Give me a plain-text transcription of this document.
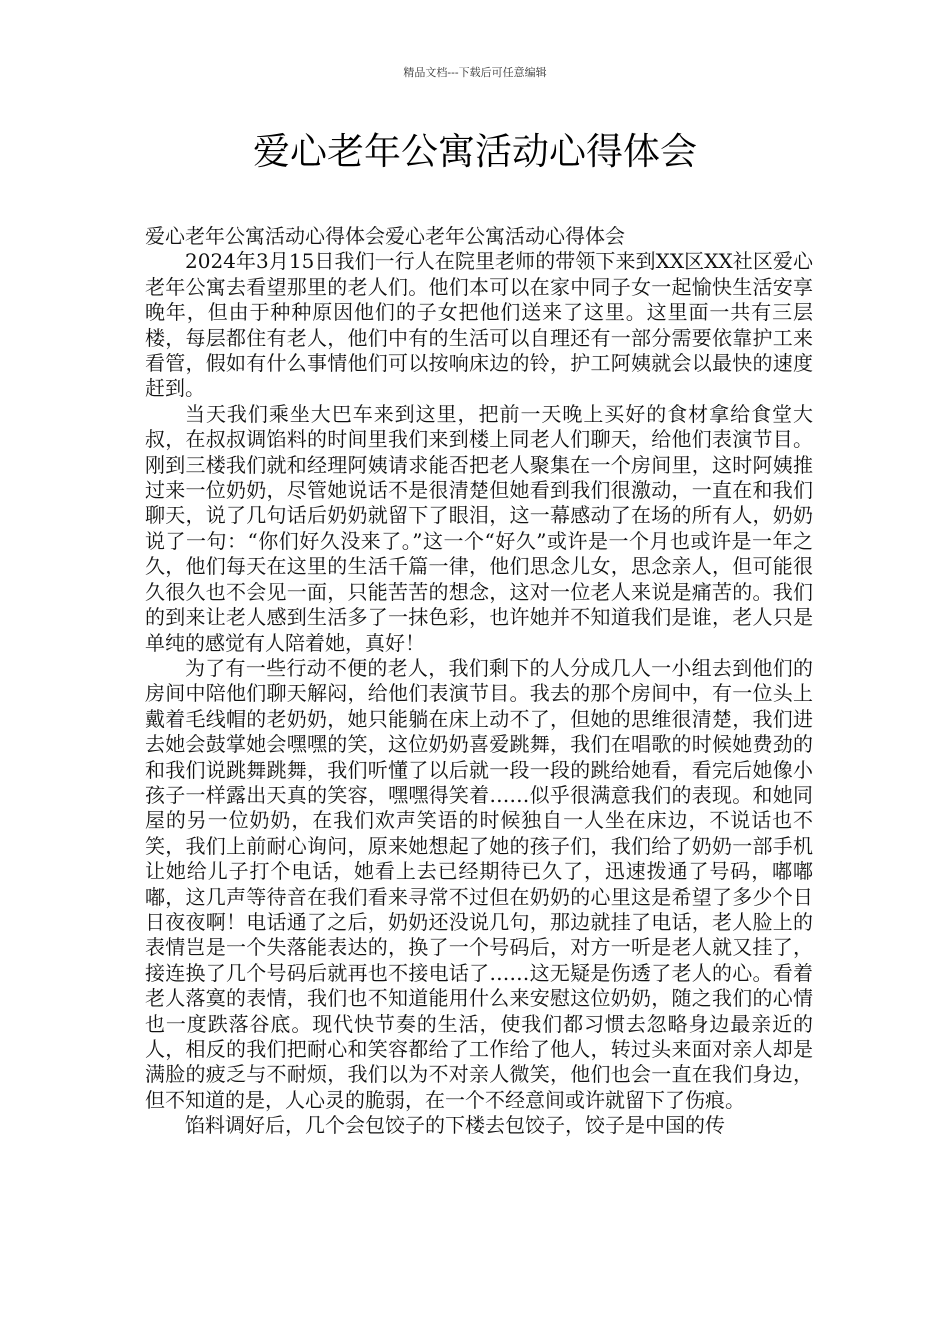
精品文档---下载后可任意编辑
爱心老年公寓活动心得体会

爱心老年公寓活动心得体会爱心老年公寓活动心得体会

2024年3月15日我们一行人在院里老师的带领下来到XX区XX社区爱心老年公寓去看望那里的老人们。他们本可以在家中同子女一起愉快生活安享晚年，但由于种种原因他们的子女把他们送来了这里。这里面一共有三层楼，每层都住有老人，他们中有的生活可以自理还有一部分需要依靠护工来看管，假如有什么事情他们可以按响床边的铃，护工阿姨就会以最快的速度赶到。

当天我们乘坐大巴车来到这里，把前一天晚上买好的食材拿给食堂大叔，在叔叔调馅料的时间里我们来到楼上同老人们聊天，给他们表演节目。刚到三楼我们就和经理阿姨请求能否把老人聚集在一个房间里，这时阿姨推过来一位奶奶，尽管她说话不是很清楚但她看到我们很激动，一直在和我们聊天，说了几句话后奶奶就留下了眼泪，这一幕感动了在场的所有人，奶奶说了一句：“你们好久没来了。”这一个“好久”或许是一个月也或许是一年之久，他们每天在这里的生活千篇一律，他们思念儿女，思念亲人，但可能很久很久也不会见一面，只能苦苦的想念，这对一位老人来说是痛苦的。我们的到来让老人感到生活多了一抹色彩，也许她并不知道我们是谁，老人只是单纯的感觉有人陪着她，真好！

为了有一些行动不便的老人，我们剩下的人分成几人一小组去到他们的房间中陪他们聊天解闷，给他们表演节目。我去的那个房间中，有一位头上戴着毛线帽的老奶奶，她只能躺在床上动不了，但她的思维很清楚，我们进去她会鼓掌她会嘿嘿的笑，这位奶奶喜爱跳舞，我们在唱歌的时候她费劲的和我们说跳舞跳舞，我们听懂了以后就一段一段的跳给她看，看完后她像小孩子一样露出天真的笑容，嘿嘿得笑着……似乎很满意我们的表现。和她同屋的另一位奶奶，在我们欢声笑语的时候独自一人坐在床边，不说话也不笑，我们上前耐心询问，原来她想起了她的孩子们，我们给了奶奶一部手机让她给儿子打个电话，她看上去已经期待已久了，迅速拨通了号码，嘟嘟嘟，这几声等待音在我们看来寻常不过但在奶奶的心里这是希望了多少个日日夜夜啊！电话通了之后，奶奶还没说几句，那边就挂了电话，老人脸上的表情岂是一个失落能表达的，换了一个号码后，对方一听是老人就又挂了，接连换了几个号码后就再也不接电话了……这无疑是伤透了老人的心。看着老人落寞的表情，我们也不知道能用什么来安慰这位奶奶，随之我们的心情也一度跌落谷底。现代快节奏的生活，使我们都习惯去忽略身边最亲近的人，相反的我们把耐心和笑容都给了工作给了他人，转过头来面对亲人却是满脸的疲乏与不耐烦，我们以为不对亲人微笑，他们也会一直在我们身边，但不知道的是，人心灵的脆弱，在一个不经意间或许就留下了伤痕。

馅料调好后，几个会包饺子的下楼去包饺子，饺子是中国的传
